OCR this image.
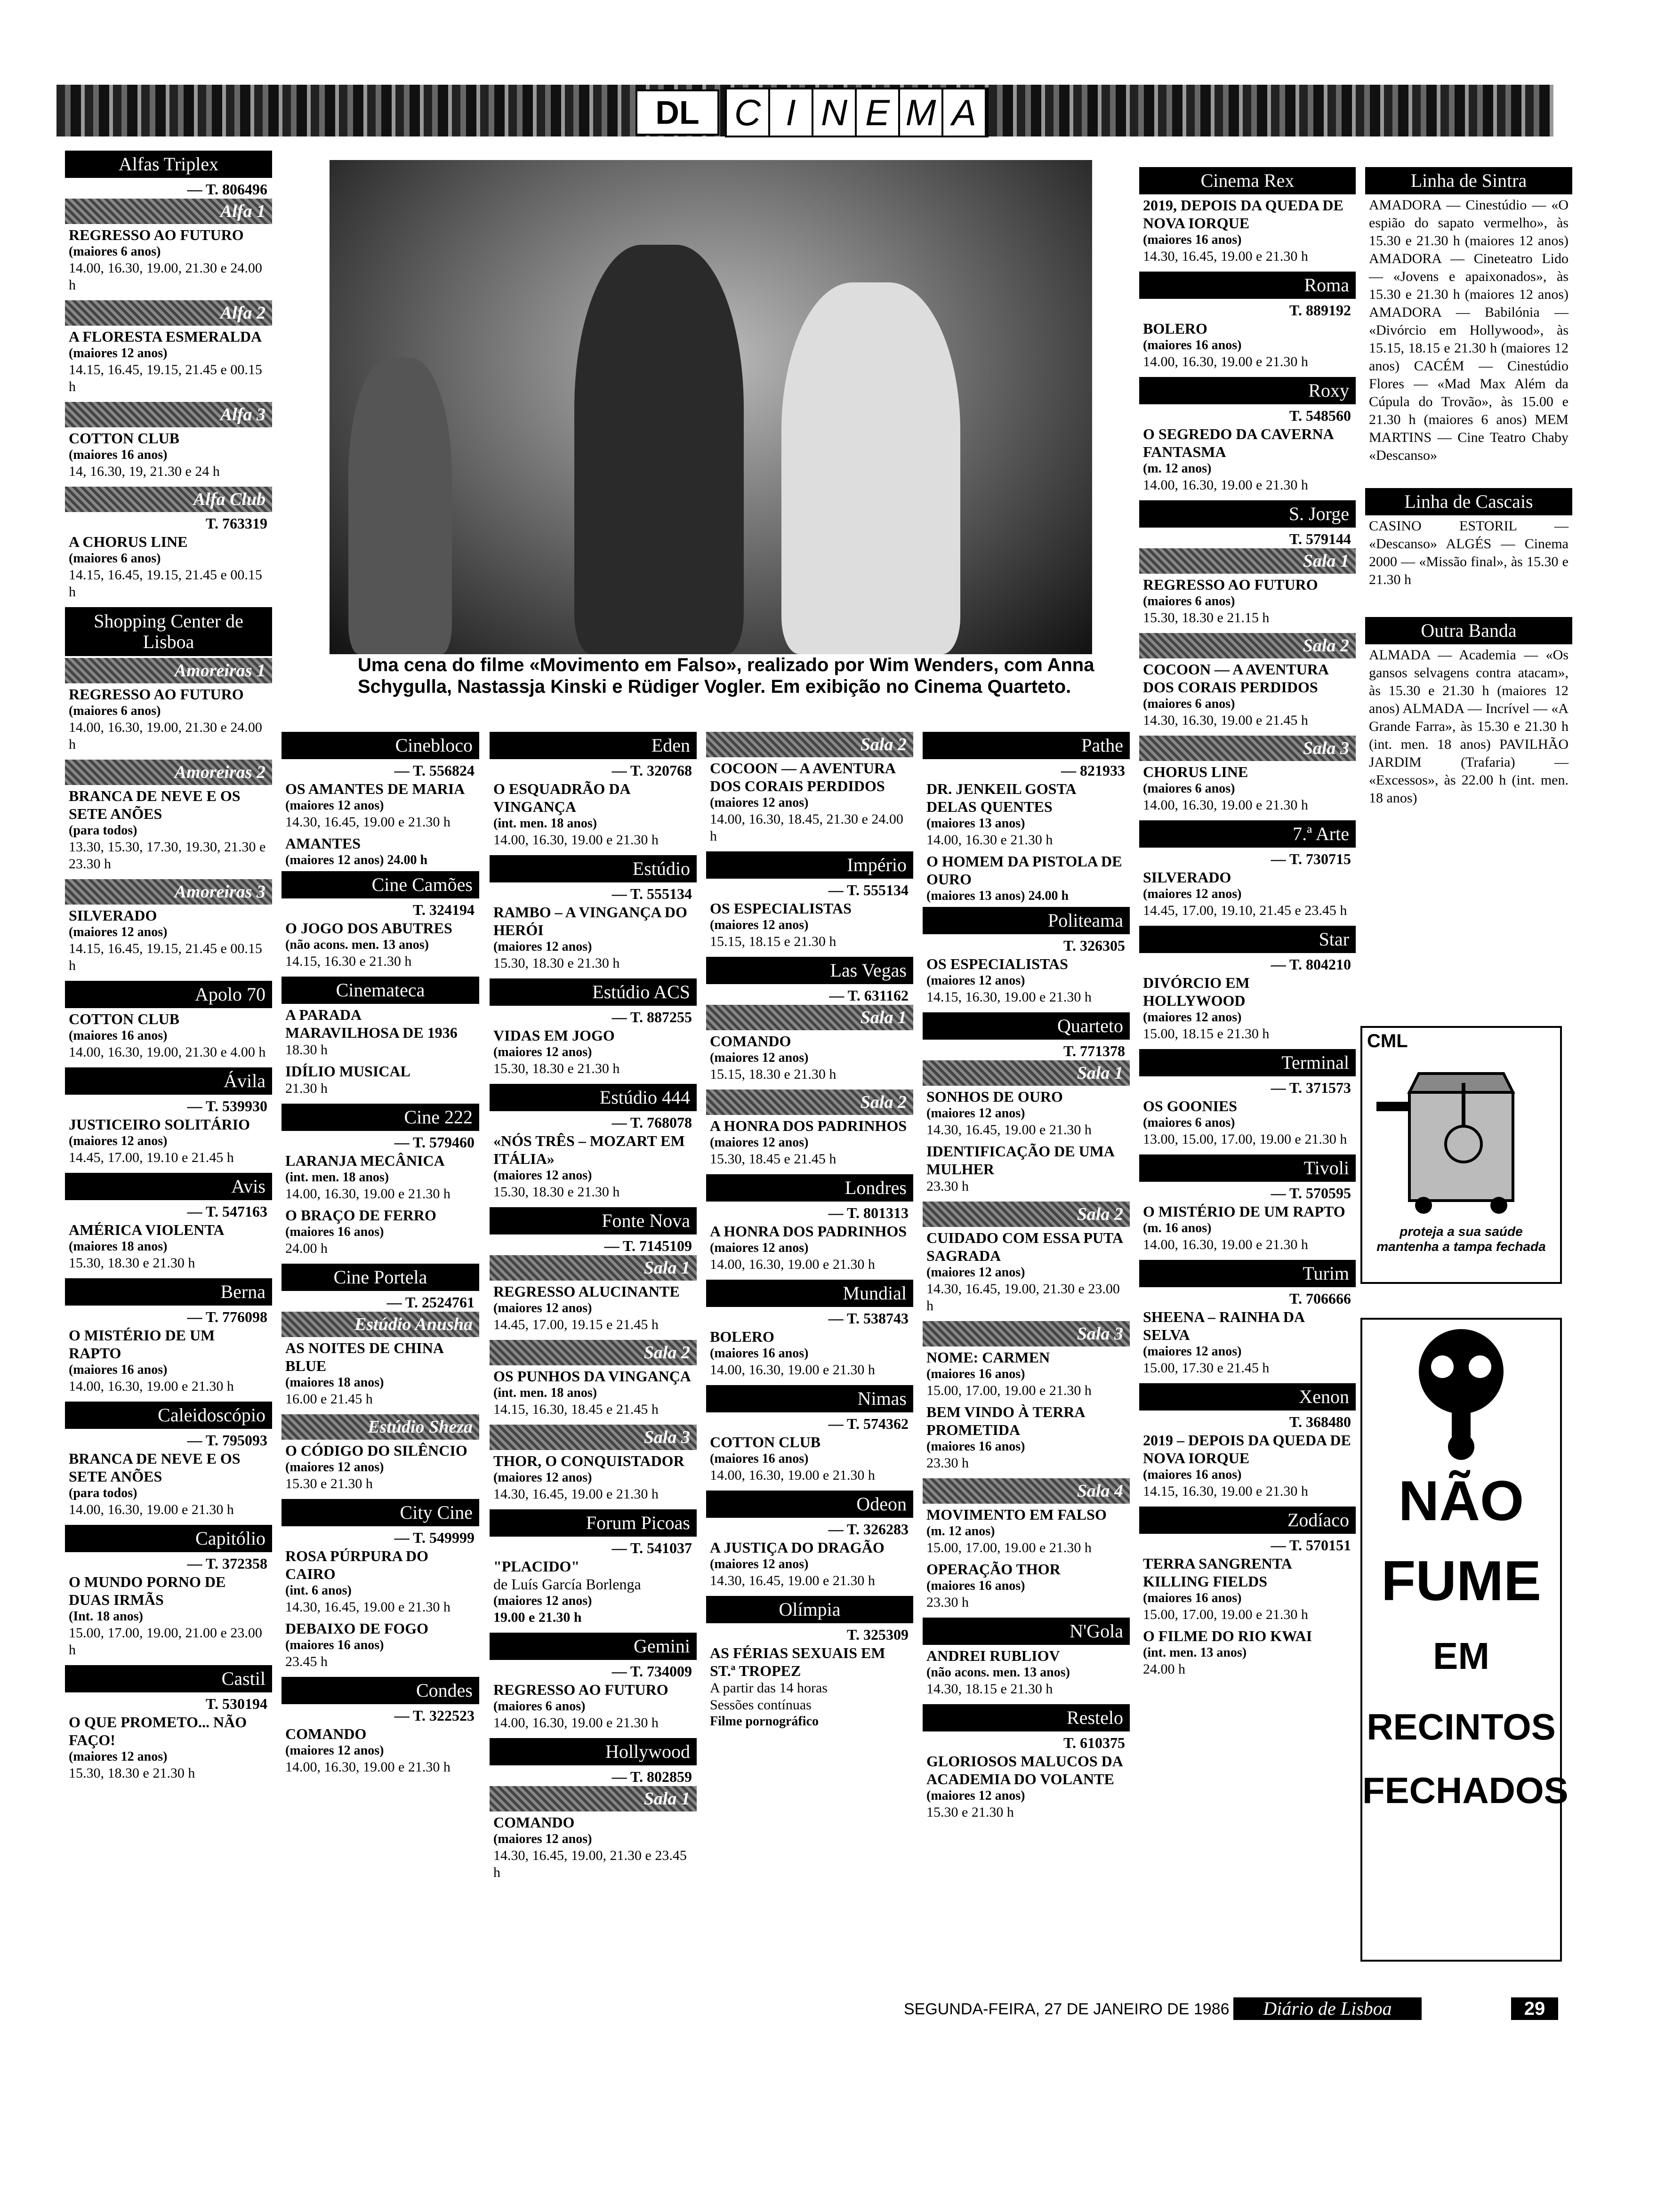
DL C I N E M A
Alfas Triplex
— T. 806496
Alfa 1
REGRESSO AO FUTURO
(maiores 6 anos)
14.00, 16.30, 19.00, 21.30 e 24.00 h
Alfa 2
A FLORESTA ESMERALDA
(maiores 12 anos)
14.15, 16.45, 19.15, 21.45 e 00.15 h
Alfa 3
COTTON CLUB
(maiores 16 anos)
14, 16.30, 19, 21.30 e 24 h
Alfa Club
T. 763319
A CHORUS LINE
(maiores 6 anos)
14.15, 16.45, 19.15, 21.45 e 00.15 h
Shopping Center de Lisboa
Amoreiras 1
REGRESSO AO FUTURO
(maiores 6 anos)
14.00, 16.30, 19.00, 21.30 e 24.00 h
Amoreiras 2
BRANCA DE NEVE E OS SETE ANÕES
(para todos)
13.30, 15.30, 17.30, 19.30, 21.30 e 23.30 h
Amoreiras 3
SILVERADO
(maiores 12 anos)
14.15, 16.45, 19.15, 21.45 e 00.15 h
Apolo 70
COTTON CLUB
(maiores 16 anos)
14.00, 16.30, 19.00, 21.30 e 4.00 h
Ávila
— T. 539930
JUSTICEIRO SOLITÁRIO
(maiores 12 anos)
14.45, 17.00, 19.10 e 21.45 h
Avis
— T. 547163
AMÉRICA VIOLENTA
(maiores 18 anos)
15.30, 18.30 e 21.30 h
Berna
— T. 776098
O MISTÉRIO DE UM RAPTO
(maiores 16 anos)
14.00, 16.30, 19.00 e 21.30 h
Caleidoscópio
— T. 795093
BRANCA DE NEVE E OS SETE ANÕES
(para todos)
14.00, 16.30, 19.00 e 21.30 h
Capitólio
— T. 372358
O MUNDO PORNO DE DUAS IRMÃS
(Int. 18 anos)
15.00, 17.00, 19.00, 21.00 e 23.00 h
Castil
T. 530194
O QUE PROMETO... NÃO FAÇO!
(maiores 12 anos)
15.30, 18.30 e 21.30 h
Uma cena do filme «Movimento em Falso», realizado por Wim Wenders, com Anna Schygulla, Nastassja Kinski e Rüdiger Vogler. Em exibição no Cinema Quarteto.
Cinebloco
— T. 556824
OS AMANTES DE MARIA
(maiores 12 anos)
14.30, 16.45, 19.00 e 21.30 h
AMANTES
(maiores 12 anos) 24.00 h
Cine Camões
T. 324194
O JOGO DOS ABUTRES
(não acons. men. 13 anos)
14.15, 16.30 e 21.30 h
Cinemateca
A PARADA MARAVILHOSA DE 1936
18.30 h
IDÍLIO MUSICAL
21.30 h
Cine 222
— T. 579460
LARANJA MECÂNICA
(int. men. 18 anos)
14.00, 16.30, 19.00 e 21.30 h
O BRAÇO DE FERRO
(maiores 16 anos)
24.00 h
Cine Portela
— T. 2524761
Estúdio Anusha
AS NOITES DE CHINA BLUE
(maiores 18 anos)
16.00 e 21.45 h
Estúdio Sheza
O CÓDIGO DO SILÊNCIO
(maiores 12 anos)
15.30 e 21.30 h
City Cine
— T. 549999
ROSA PÚRPURA DO CAIRO
(int. 6 anos)
14.30, 16.45, 19.00 e 21.30 h
DEBAIXO DE FOGO
(maiores 16 anos)
23.45 h
Condes
— T. 322523
COMANDO
(maiores 12 anos)
14.00, 16.30, 19.00 e 21.30 h
Eden
— T. 320768
O ESQUADRÃO DA VINGANÇA
(int. men. 18 anos)
14.00, 16.30, 19.00 e 21.30 h
Estúdio
— T. 555134
RAMBO – A VINGANÇA DO HERÓI
(maiores 12 anos)
15.30, 18.30 e 21.30 h
Estúdio ACS
— T. 887255
VIDAS EM JOGO
(maiores 12 anos)
15.30, 18.30 e 21.30 h
Estúdio 444
— T. 768078
«NÓS TRÊS – MOZART EM ITÁLIA»
(maiores 12 anos)
15.30, 18.30 e 21.30 h
Fonte Nova
— T. 7145109
Sala 1
REGRESSO ALUCINANTE
(maiores 12 anos)
14.45, 17.00, 19.15 e 21.45 h
Sala 2
OS PUNHOS DA VINGANÇA
(int. men. 18 anos)
14.15, 16.30, 18.45 e 21.45 h
Sala 3
THOR, O CONQUISTADOR
(maiores 12 anos)
14.30, 16.45, 19.00 e 21.30 h
Forum Picoas
— T. 541037
"PLACIDO"
de Luís García Borlenga
(maiores 12 anos)
19.00 e 21.30 h
Gemini
— T. 734009
REGRESSO AO FUTURO
(maiores 6 anos)
14.00, 16.30, 19.00 e 21.30 h
Hollywood
— T. 802859
Sala 1
COMANDO
(maiores 12 anos)
14.30, 16.45, 19.00, 21.30 e 23.45 h
Sala 2
COCOON — A AVENTURA DOS CORAIS PERDIDOS
(maiores 12 anos)
14.00, 16.30, 18.45, 21.30 e 24.00 h
Império
— T. 555134
OS ESPECIALISTAS
(maiores 12 anos)
15.15, 18.15 e 21.30 h
Las Vegas
— T. 631162
Sala 1
COMANDO
(maiores 12 anos)
15.15, 18.30 e 21.30 h
Sala 2
A HONRA DOS PADRINHOS
(maiores 12 anos)
15.30, 18.45 e 21.45 h
Londres
— T. 801313
A HONRA DOS PADRINHOS
(maiores 12 anos)
14.00, 16.30, 19.00 e 21.30 h
Mundial
— T. 538743
BOLERO
(maiores 16 anos)
14.00, 16.30, 19.00 e 21.30 h
Nimas
— T. 574362
COTTON CLUB
(maiores 16 anos)
14.00, 16.30, 19.00 e 21.30 h
Odeon
— T. 326283
A JUSTIÇA DO DRAGÃO
(maiores 12 anos)
14.30, 16.45, 19.00 e 21.30 h
Olímpia
T. 325309
AS FÉRIAS SEXUAIS EM ST.ª TROPEZ
A partir das 14 horas
Sessões contínuas
Filme pornográfico
Pathe
— 821933
DR. JENKEIL GOSTA DELAS QUENTES
(maiores 13 anos)
14.00, 16.30 e 21.30 h
O HOMEM DA PISTOLA DE OURO
(maiores 13 anos) 24.00 h
Politeama
T. 326305
OS ESPECIALISTAS
(maiores 12 anos)
14.15, 16.30, 19.00 e 21.30 h
Quarteto
T. 771378
Sala 1
SONHOS DE OURO
(maiores 12 anos)
14.30, 16.45, 19.00 e 21.30 h
IDENTIFICAÇÃO DE UMA MULHER
23.30 h
Sala 2
CUIDADO COM ESSA PUTA SAGRADA
(maiores 12 anos)
14.30, 16.45, 19.00, 21.30 e 23.00 h
Sala 3
NOME: CARMEN
(maiores 16 anos)
15.00, 17.00, 19.00 e 21.30 h
BEM VINDO À TERRA PROMETIDA
(maiores 16 anos)
23.30 h
Sala 4
MOVIMENTO EM FALSO
(m. 12 anos)
15.00, 17.00, 19.00 e 21.30 h
OPERAÇÃO THOR
(maiores 16 anos)
23.30 h
N'Gola
ANDREI RUBLIOV
(não acons. men. 13 anos)
14.30, 18.15 e 21.30 h
Restelo
T. 610375
GLORIOSOS MALUCOS DA ACADEMIA DO VOLANTE
(maiores 12 anos)
15.30 e 21.30 h
Cinema Rex
2019, DEPOIS DA QUEDA DE NOVA IORQUE
(maiores 16 anos)
14.30, 16.45, 19.00 e 21.30 h
Roma
T. 889192
BOLERO
(maiores 16 anos)
14.00, 16.30, 19.00 e 21.30 h
Roxy
T. 548560
O SEGREDO DA CAVERNA FANTASMA
(m. 12 anos)
14.00, 16.30, 19.00 e 21.30 h
S. Jorge
T. 579144
Sala 1
REGRESSO AO FUTURO
(maiores 6 anos)
15.30, 18.30 e 21.15 h
Sala 2
COCOON — A AVENTURA DOS CORAIS PERDIDOS
(maiores 6 anos)
14.30, 16.30, 19.00 e 21.45 h
Sala 3
CHORUS LINE
(maiores 6 anos)
14.00, 16.30, 19.00 e 21.30 h
7.ª Arte
— T. 730715
SILVERADO
(maiores 12 anos)
14.45, 17.00, 19.10, 21.45 e 23.45 h
Star
— T. 804210
DIVÓRCIO EM HOLLYWOOD
(maiores 12 anos)
15.00, 18.15 e 21.30 h
Terminal
— T. 371573
OS GOONIES
(maiores 6 anos)
13.00, 15.00, 17.00, 19.00 e 21.30 h
Tivoli
— T. 570595
O MISTÉRIO DE UM RAPTO
(m. 16 anos)
14.00, 16.30, 19.00 e 21.30 h
Turim
T. 706666
SHEENA – RAINHA DA SELVA
(maiores 12 anos)
15.00, 17.30 e 21.45 h
Xenon
T. 368480
2019 – DEPOIS DA QUEDA DE NOVA IORQUE
(maiores 16 anos)
14.15, 16.30, 19.00 e 21.30 h
Zodíaco
— T. 570151
TERRA SANGRENTA KILLING FIELDS
(maiores 16 anos)
15.00, 17.00, 19.00 e 21.30 h
O FILME DO RIO KWAI
(int. men. 13 anos)
24.00 h
Linha de Sintra
AMADORA — Cinestúdio — «O espião do sapato vermelho», às 15.30 e 21.30 h (maiores 12 anos) AMADORA — Cineteatro Lido — «Jovens e apaixonados», às 15.30 e 21.30 h (maiores 12 anos) AMADORA — Babilónia — «Divórcio em Hollywood», às 15.15, 18.15 e 21.30 h (maiores 12 anos) CACÉM — Cinestúdio Flores — «Mad Max Além da Cúpula do Trovão», às 15.00 e 21.30 h (maiores 6 anos) MEM MARTINS — Cine Teatro Chaby «Descanso»
Linha de Cascais
CASINO ESTORIL — «Descanso» ALGÉS — Cinema 2000 — «Missão final», às 15.30 e 21.30 h
Outra Banda
ALMADA — Academia — «Os gansos selvagens contra atacam», às 15.30 e 21.30 h (maiores 12 anos) ALMADA — Incrível — «A Grande Farra», às 15.30 e 21.30 h (int. men. 18 anos) PAVILHÃO JARDIM (Trafaria) — «Excessos», às 22.00 h (int. men. 18 anos)
CML
proteja a sua saúde mantenha a tampa fechada
NÃO
FUME
EM
RECINTOS
FECHADOS
SEGUNDA-FEIRA, 27 DE JANEIRO DE 1986	Diário de Lisboa	29
